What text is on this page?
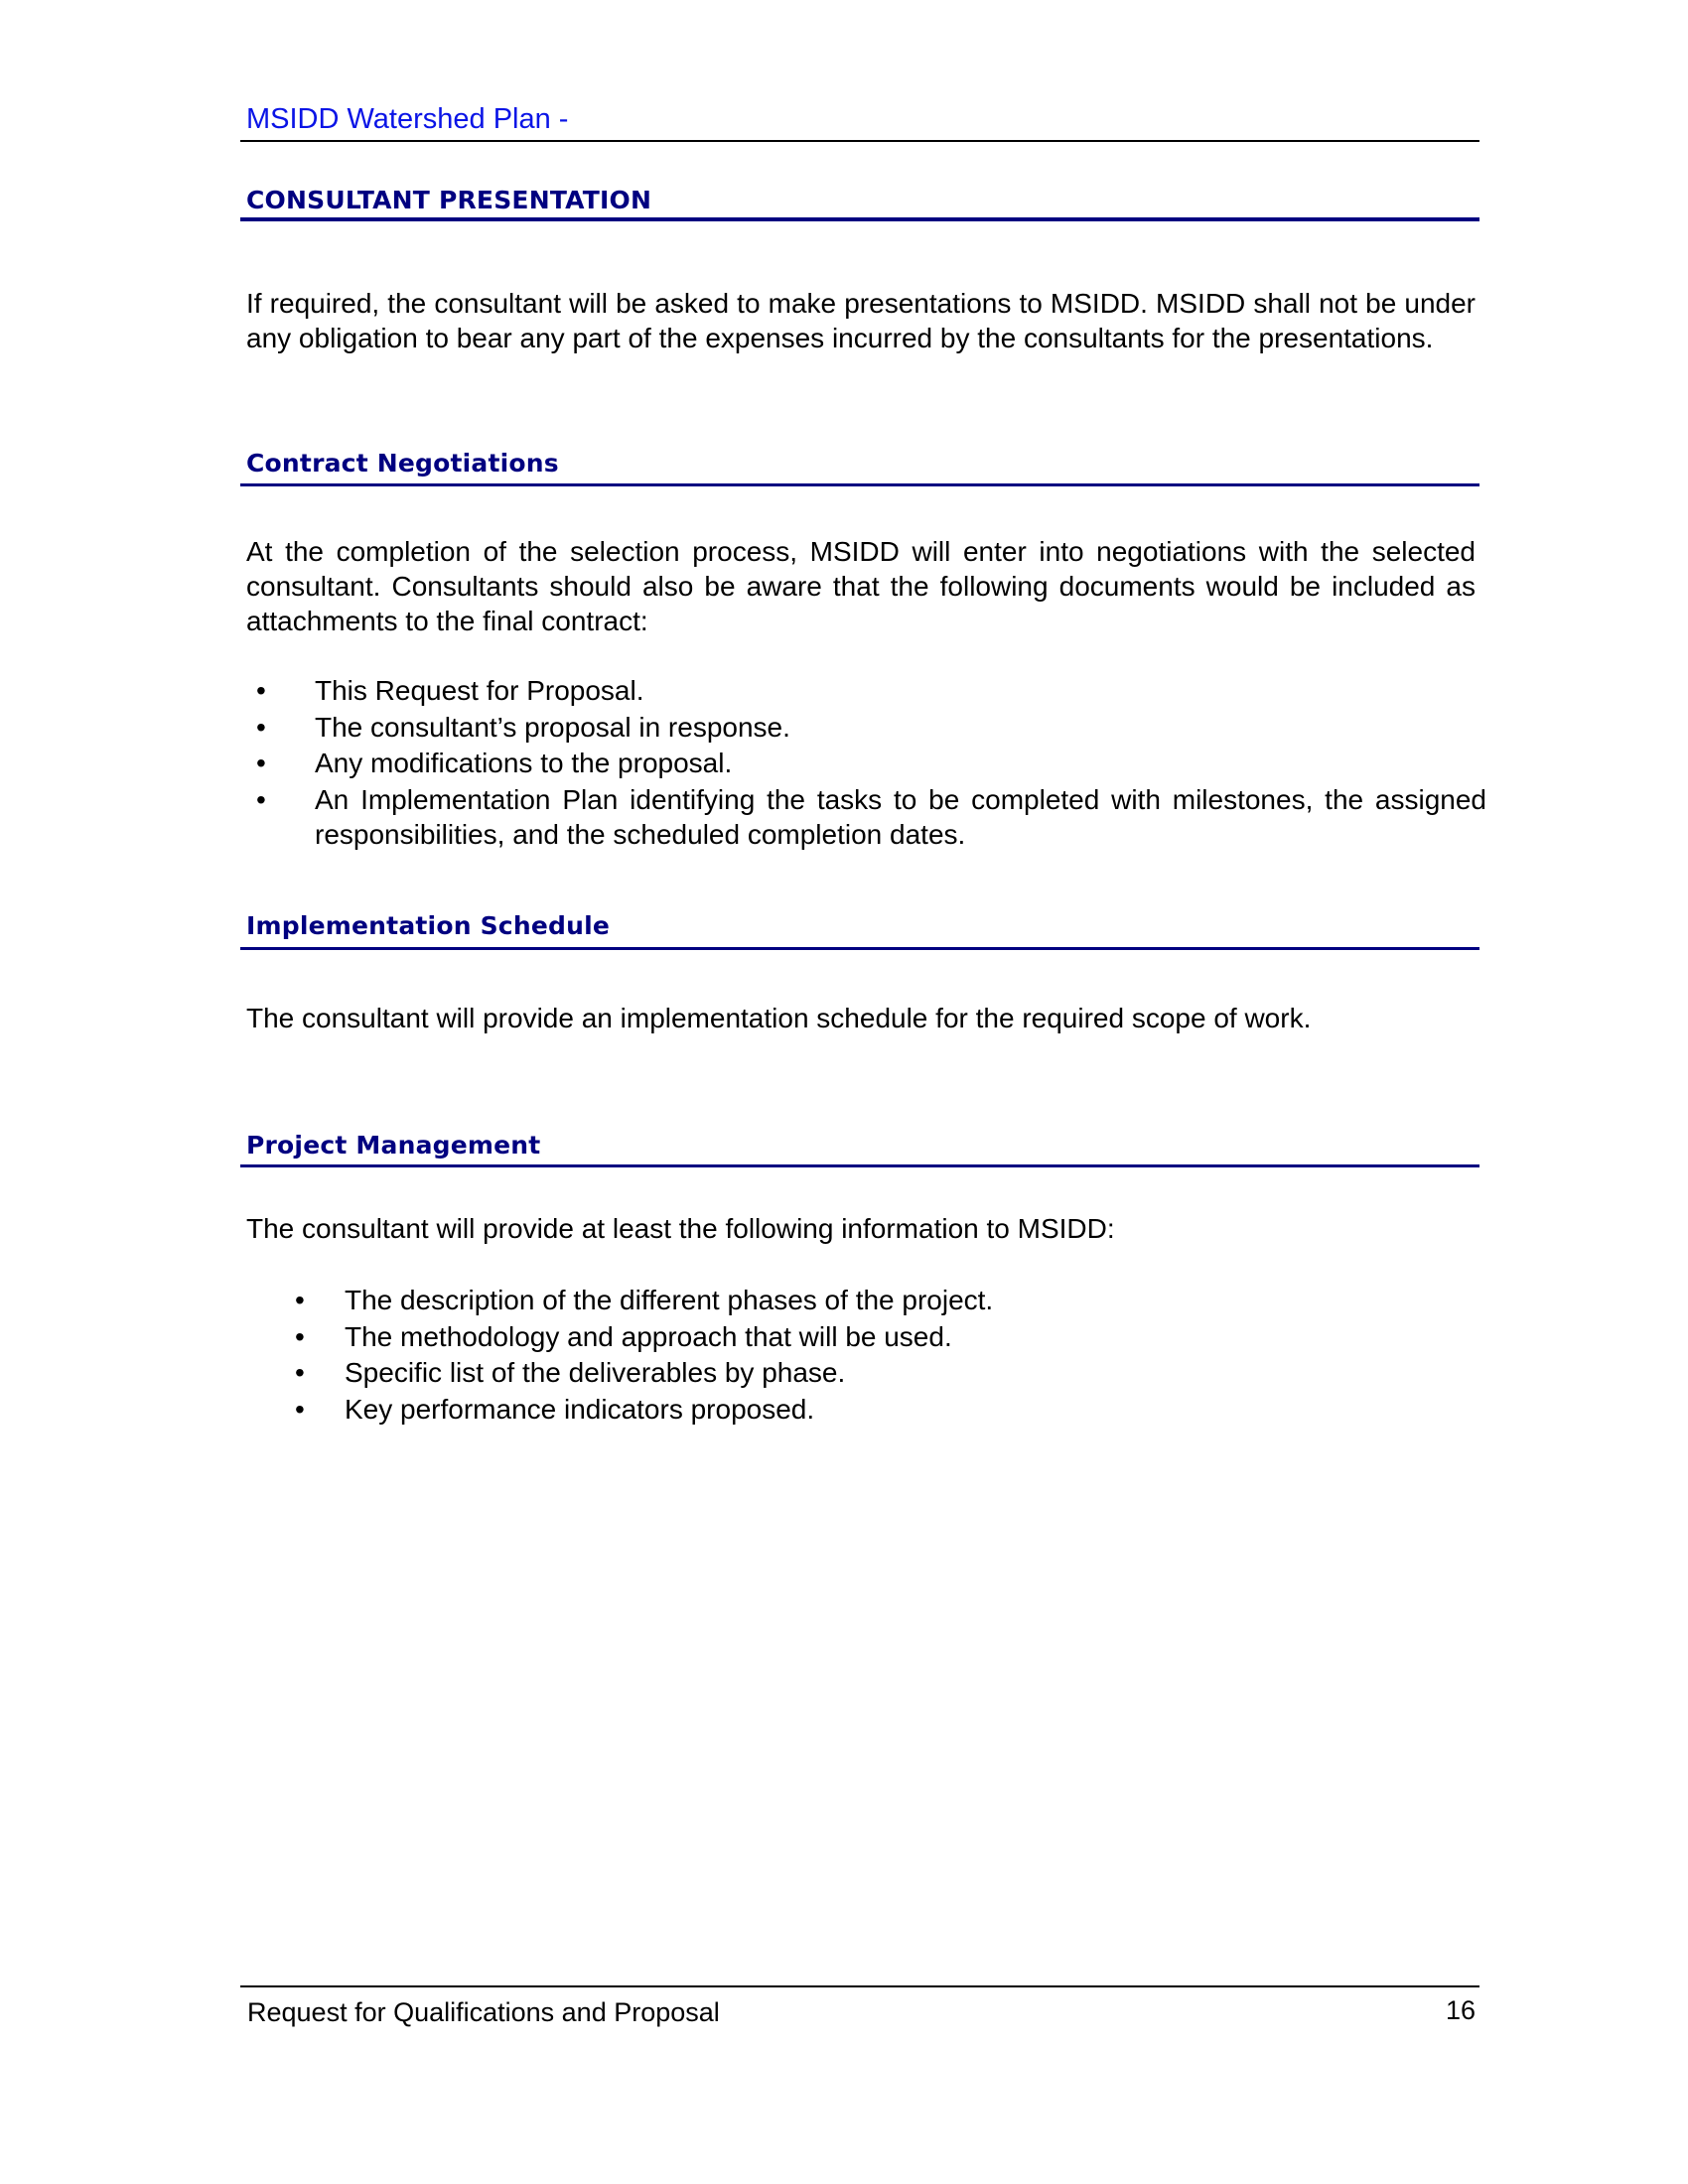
MSIDD Watershed Plan -
CONSULTANT PRESENTATION
If required, the consultant will be asked to make presentations to MSIDD. MSIDD shall not be under any obligation to bear any part of the expenses incurred by the consultants for the presentations.
Contract Negotiations
At the completion of the selection process, MSIDD will enter into negotiations with the selected consultant. Consultants should also be aware that the following documents would be included as attachments to the final contract:
• This Request for Proposal.
• The consultant’s proposal in response.
• Any modifications to the proposal.
• An Implementation Plan identifying the tasks to be completed with milestones, the assigned responsibilities, and the scheduled completion dates.
Implementation Schedule
The consultant will provide an implementation schedule for the required scope of work.
Project Management
The consultant will provide at least the following information to MSIDD:
• The description of the different phases of the project.
• The methodology and approach that will be used.
• Specific list of the deliverables by phase.
• Key performance indicators proposed.
Request for Qualifications and Proposal	16
